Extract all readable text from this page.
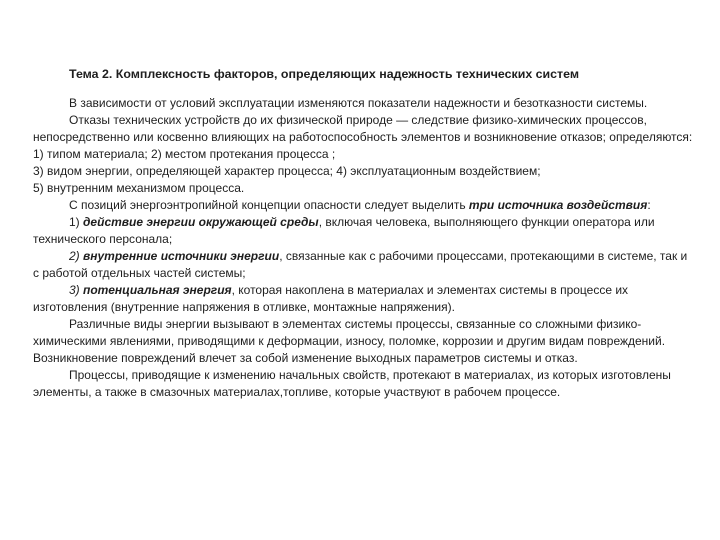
Тема 2. Комплексность факторов, определяющих надежность технических систем

В зависимости от условий эксплуатации изменяются показатели надежности и безотказности системы.

Отказы технических устройств до их физической природе — следствие физико-химических процессов, непосредственно или косвенно влияющих на работоспособность элементов и возникновение отказов; определяются: 1) типом материала; 2) местом протекания процесса ;

3) видом энергии, определяющей характер процесса; 4) эксплуатационным воздействием;

5) внутренним механизмом процесса.

С позиций энергоэнтропийной концепции опасности следует выделить три источника воздействия:

1) действие энергии окружающей среды, включая человека, выполняющего функции оператора или технического персонала;

2) внутренние источники энергии, связанные как с рабочими процессами, протекающими в системе, так и с работой отдельных частей системы;

3) потенциальная энергия, которая накоплена в материалах и элементах системы в процессе их изготовления (внутренние напряжения в отливке, монтажные напряжения).

Различные виды энергии вызывают в элементах системы процессы, связанные со сложными физико-химическими явлениями, приводящими к деформации, износу, поломке, коррозии и другим видам повреждений. Возникновение повреждений влечет за собой изменение выходных параметров системы и отказ.

Процессы, приводящие к изменению начальных свойств, протекают в материалах, из которых изготовлены элементы, а также в смазочных материалах,топливе, которые участвуют в рабочем процессе.
